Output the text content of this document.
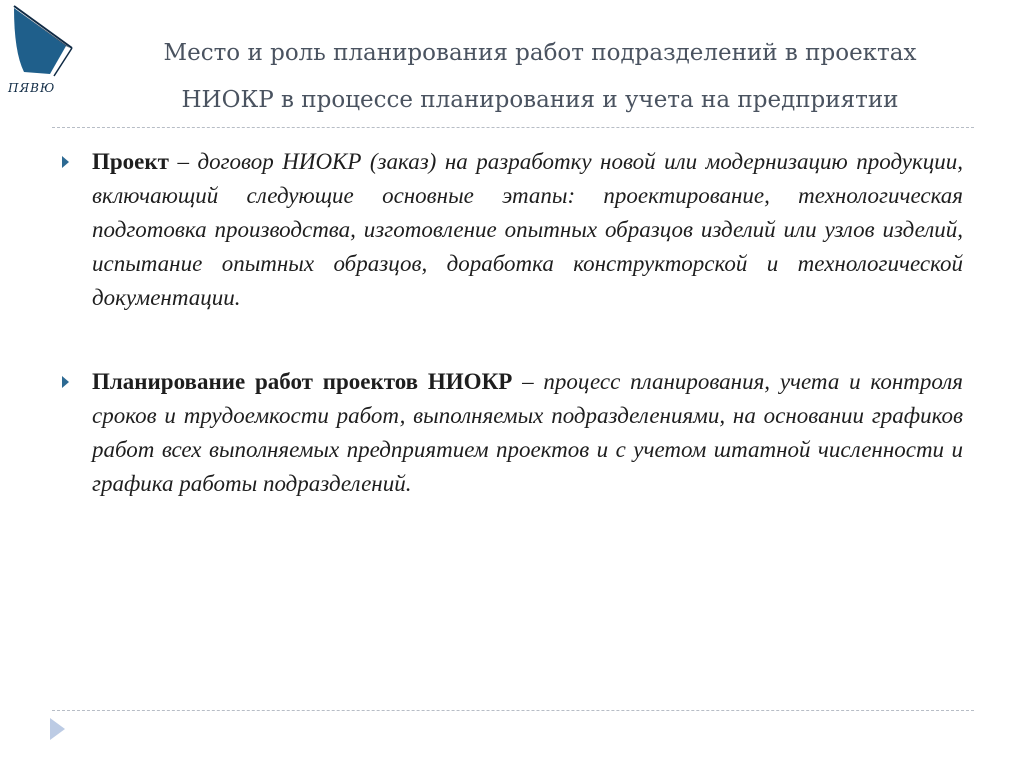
ПЯВЮ
Место и роль планирования работ подразделений в проектах
НИОКР в процессе планирования и учета на предприятии
Проект – договор НИОКР (заказ) на разработку новой или модернизацию продукции, включающий следующие основные этапы: проектирование, технологическая подготовка производства, изготовление опытных образцов изделий или узлов изделий, испытание опытных образцов, доработка конструкторской и технологической документации.
Планирование работ проектов НИОКР – процесс планирования, учета и контроля сроков и трудоемкости работ, выполняемых подразделениями, на основании графиков работ всех выполняемых предприятием проектов и с учетом штатной численности и графика работы подразделений.
